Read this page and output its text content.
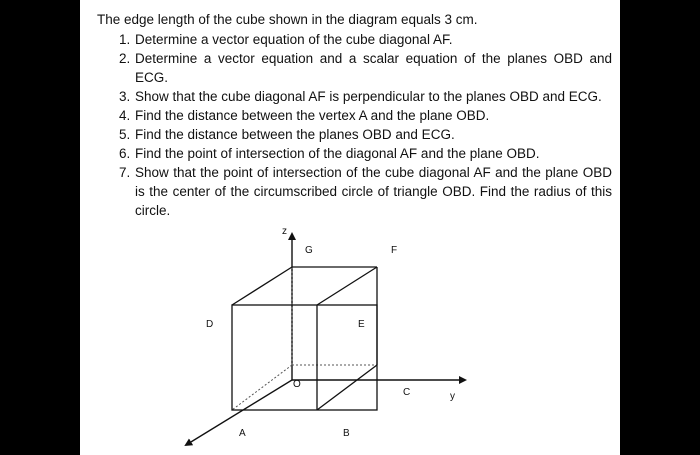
The edge length of the cube shown in the diagram equals 3 cm.

1. Determine a vector equation of the cube diagonal AF.
2. Determine a vector equation and a scalar equation of the planes OBD and ECG.
3. Show that the cube diagonal AF is perpendicular to the planes OBD and ECG.
4. Find the distance between the vertex A and the plane OBD.
5. Find the distance between the planes OBD and ECG.
6. Find the point of intersection of the diagonal AF and the plane OBD.
7. Show that the point of intersection of the cube diagonal AF and the plane OBD is the center of the circumscribed circle of triangle OBD. Find the radius of this circle.
z
G	F
D	E
O
C	y
A	B
